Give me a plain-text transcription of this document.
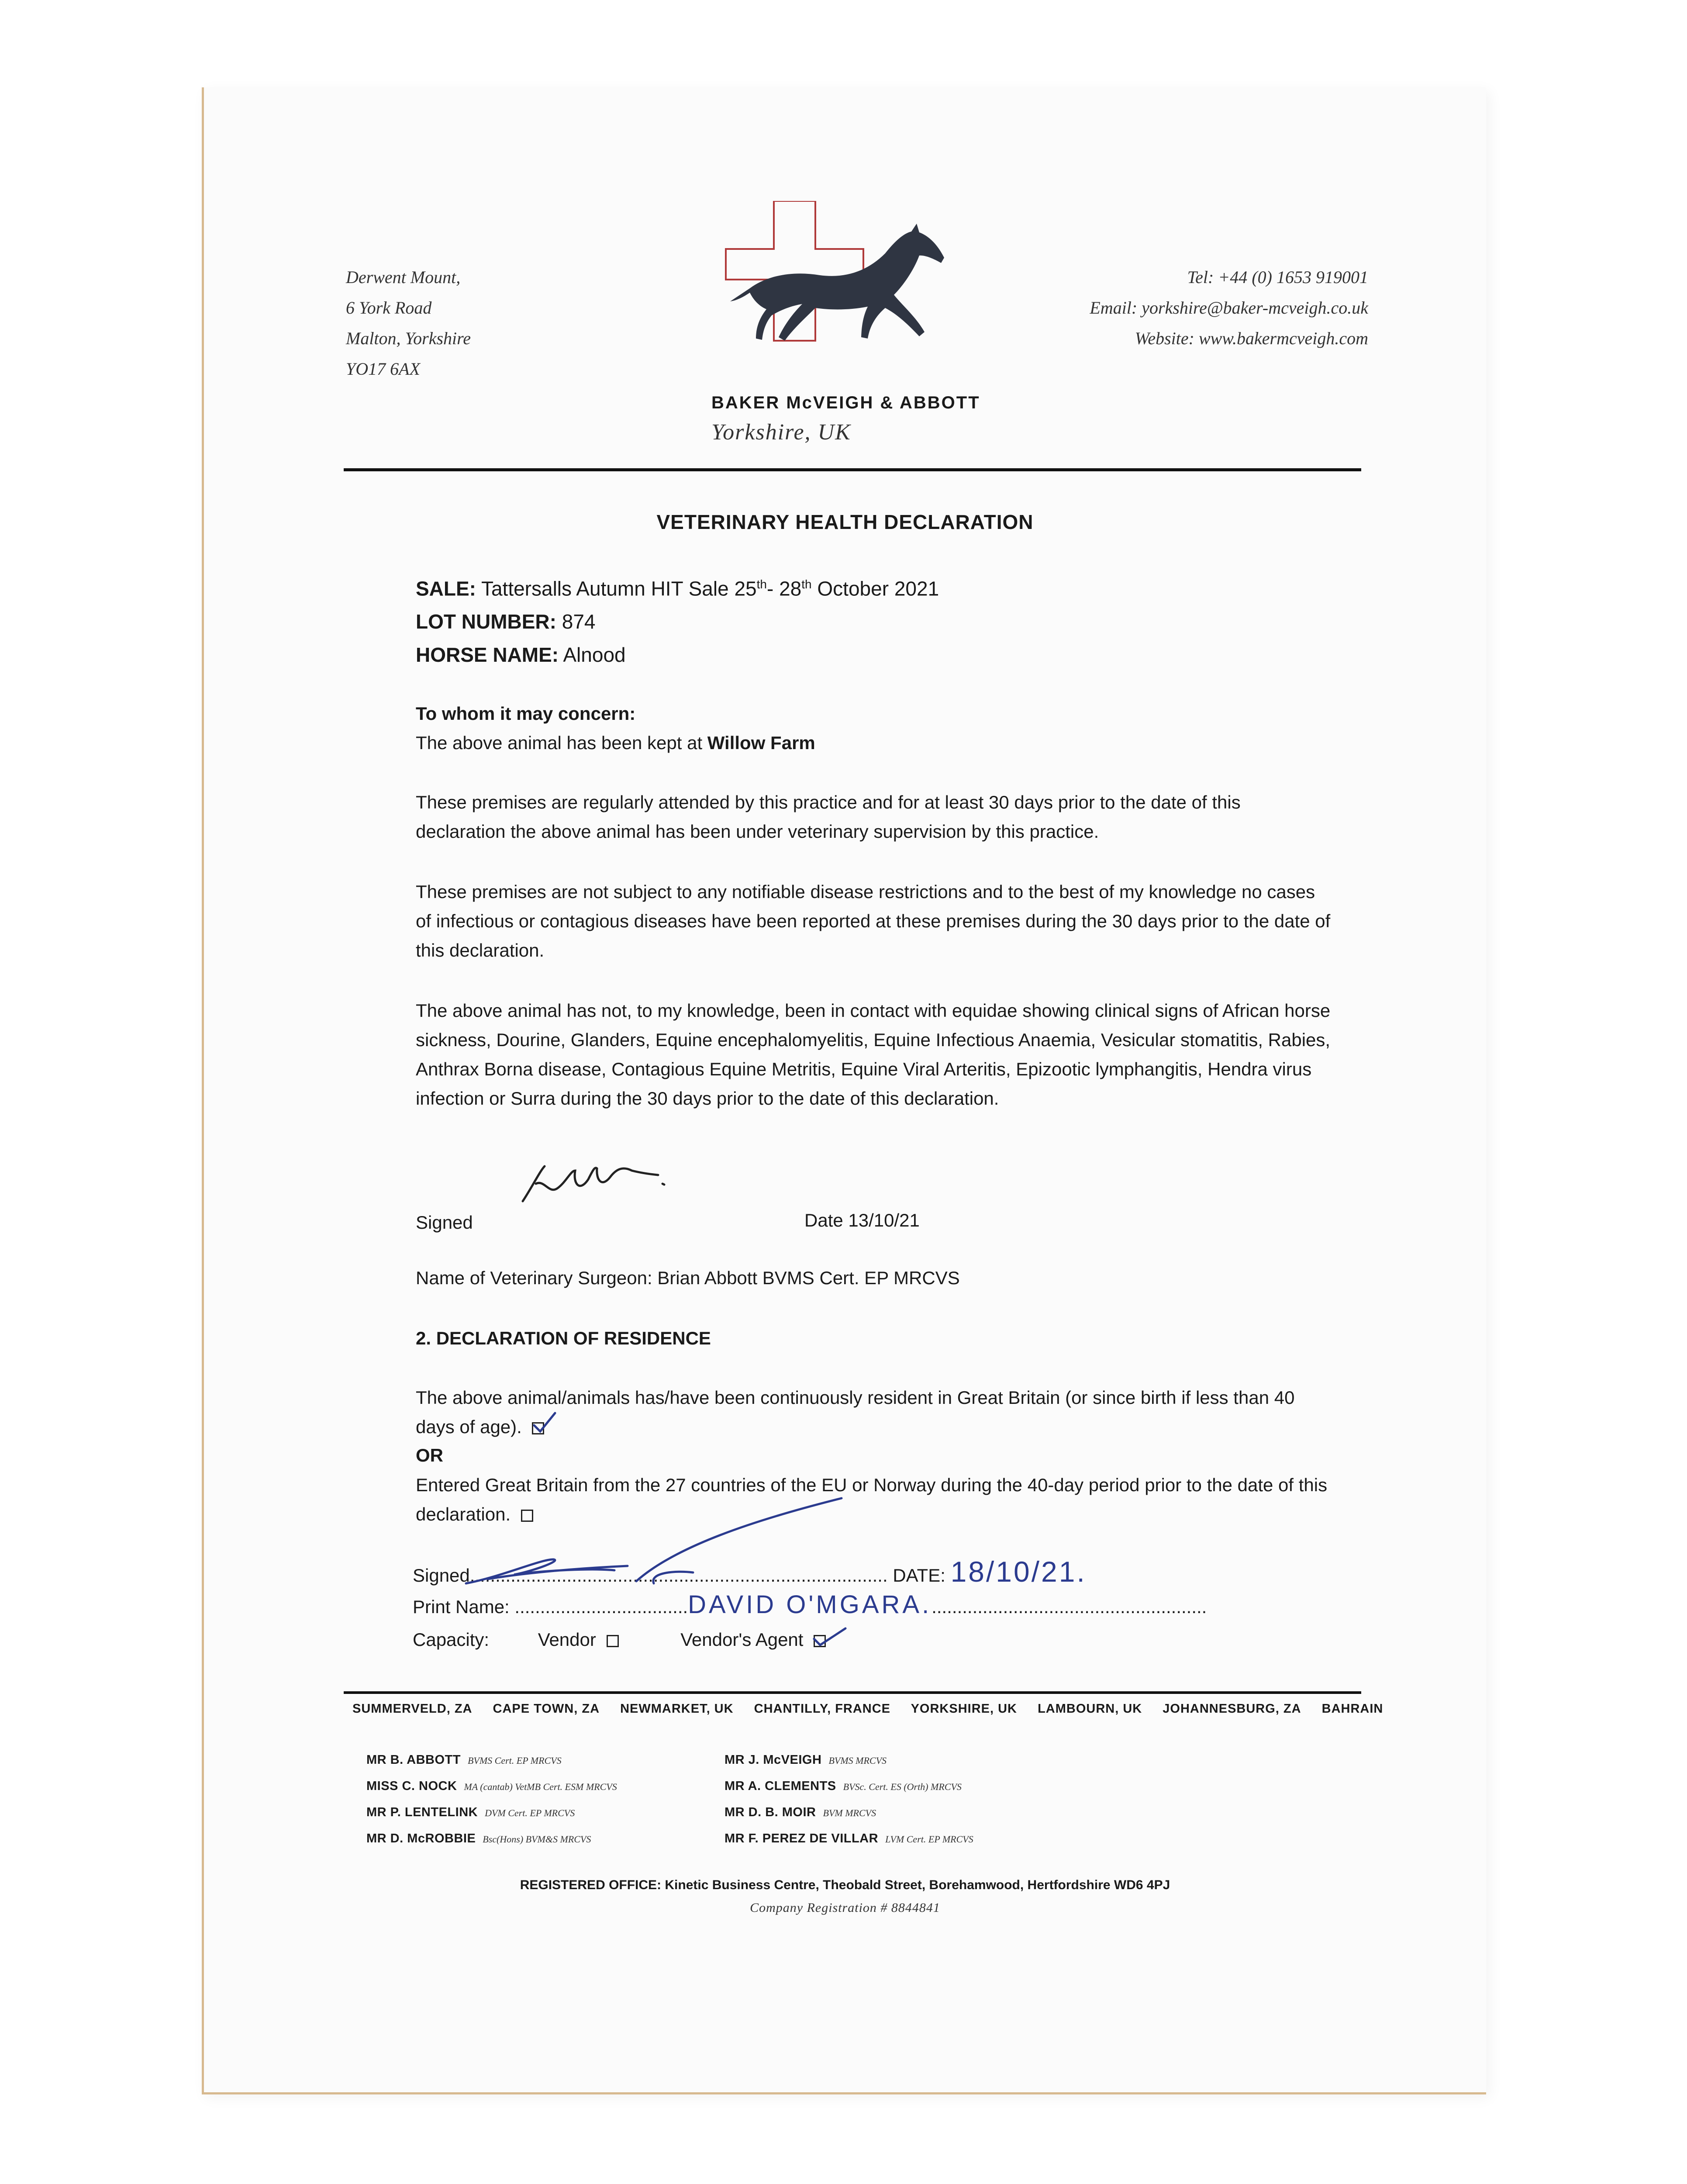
Derwent Mount,
6 York Road
Malton, Yorkshire
YO17 6AX
BAKER McVEIGH & ABBOTT
Yorkshire, UK
Tel: +44 (0) 1653 919001
Email: yorkshire@baker-mcveigh.co.uk
Website: www.bakermcveigh.com
VETERINARY HEALTH DECLARATION
SALE: Tattersalls Autumn HIT Sale 25th- 28th October 2021
LOT NUMBER: 874
HORSE NAME: Alnood
To whom it may concern:
The above animal has been kept at Willow Farm
These premises are regularly attended by this practice and for at least 30 days prior to the date of this declaration the above animal has been under veterinary supervision by this practice.
These premises are not subject to any notifiable disease restrictions and to the best of my knowledge no cases of infectious or contagious diseases have been reported at these premises during the 30 days prior to the date of this declaration.
The above animal has not, to my knowledge, been in contact with equidae showing clinical signs of African horse sickness, Dourine, Glanders, Equine encephalomyelitis, Equine Infectious Anaemia, Vesicular stomatitis, Rabies, Anthrax Borna disease, Contagious Equine Metritis, Equine Viral Arteritis, Epizootic lymphangitis, Hendra virus infection or Surra during the 30 days prior to the date of this declaration.
Signed	Date 13/10/21
Name of Veterinary Surgeon: Brian Abbott BVMS Cert. EP MRCVS
2. DECLARATION OF RESIDENCE
The above animal/animals has/have been continuously resident in Great Britain (or since birth if less than 40 days of age).
OR
Entered Great Britain from the 27 countries of the EU or Norway during the 40-day period prior to the date of this declaration.
Signed.................................................................................. DATE: 18/10/21.
Print Name: ..................................DAVID O'MGARA.......................................................
Capacity:	Vendor	Vendor's Agent
SUMMERVELD, ZA CAPE TOWN, ZA NEWMARKET, UK CHANTILLY, FRANCE YORKSHIRE, UK LAMBOURN, UK JOHANNESBURG, ZA BAHRAIN
MR B. ABBOTT BVMS Cert. EP MRCVS
MISS C. NOCK MA (cantab) VetMB Cert. ESM MRCVS
MR P. LENTELINK DVM Cert. EP MRCVS
MR D. McROBBIE Bsc(Hons) BVM&S MRCVS
MR J. McVEIGH BVMS MRCVS
MR A. CLEMENTS BVSc. Cert. ES (Orth) MRCVS
MR D. B. MOIR BVM MRCVS
MR F. PEREZ DE VILLAR LVM Cert. EP MRCVS
REGISTERED OFFICE: Kinetic Business Centre, Theobald Street, Borehamwood, Hertfordshire WD6 4PJ
Company Registration # 8844841
